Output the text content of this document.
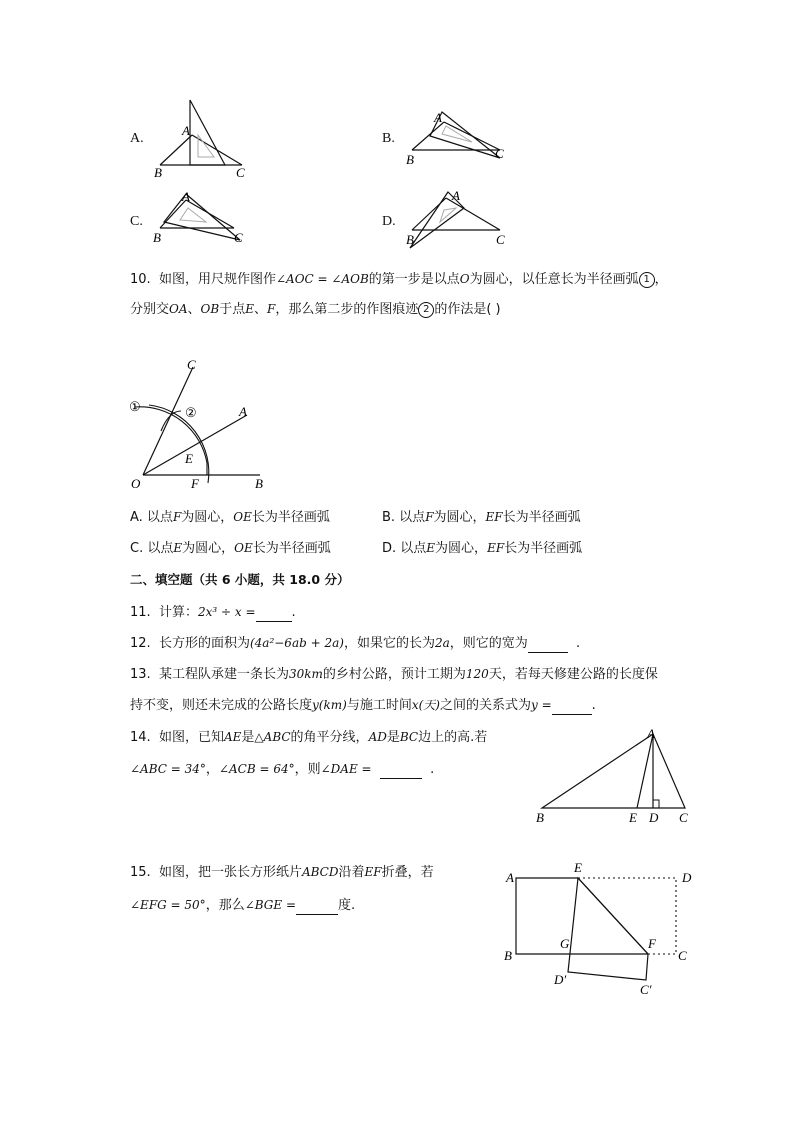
A.
A
B	C
B.
A
B	C
C.
A
B	C
D.
A
B	C
10. 如图，用尺规作图作∠AOC = ∠AOB的第一步是以点O为圆心，以任意长为半径画弧 1 ，
分别交OA、OB于点E、F，那么第二步的作图痕迹 2 的作法是( )
C
A
E
O	F	B
①	②
A. 以点F为圆心，OE长为半径画弧	B. 以点F为圆心，EF长为半径画弧
C. 以点E为圆心，OE长为半径画弧	D. 以点E为圆心，EF长为半径画弧
二、填空题（共 6 小题，共 18.0 分）
11. 计算：2x³ ÷ x =	.
12. 长方形的面积为(4a²−6ab + 2a)，如果它的长为2a，则它的宽为	.
13. 某工程队承建一条长为30km的乡村公路，预计工期为120天，若每天修建公路的长度保
持不变，则还未完成的公路长度y(km)与施工时间x(天)之间的关系式为y =	.
14. 如图，已知AE是△ABC的角平分线，AD是BC边上的高.若
∠ABC = 34°，∠ACB = 64°，则∠DAE =	.
A
B	E D C
15. 如图，把一张长方形纸片ABCD沿着EF折叠，若
∠EFG = 50°，那么∠BGE =	度.
A
E
D
G	F
B	C
D′
C′
